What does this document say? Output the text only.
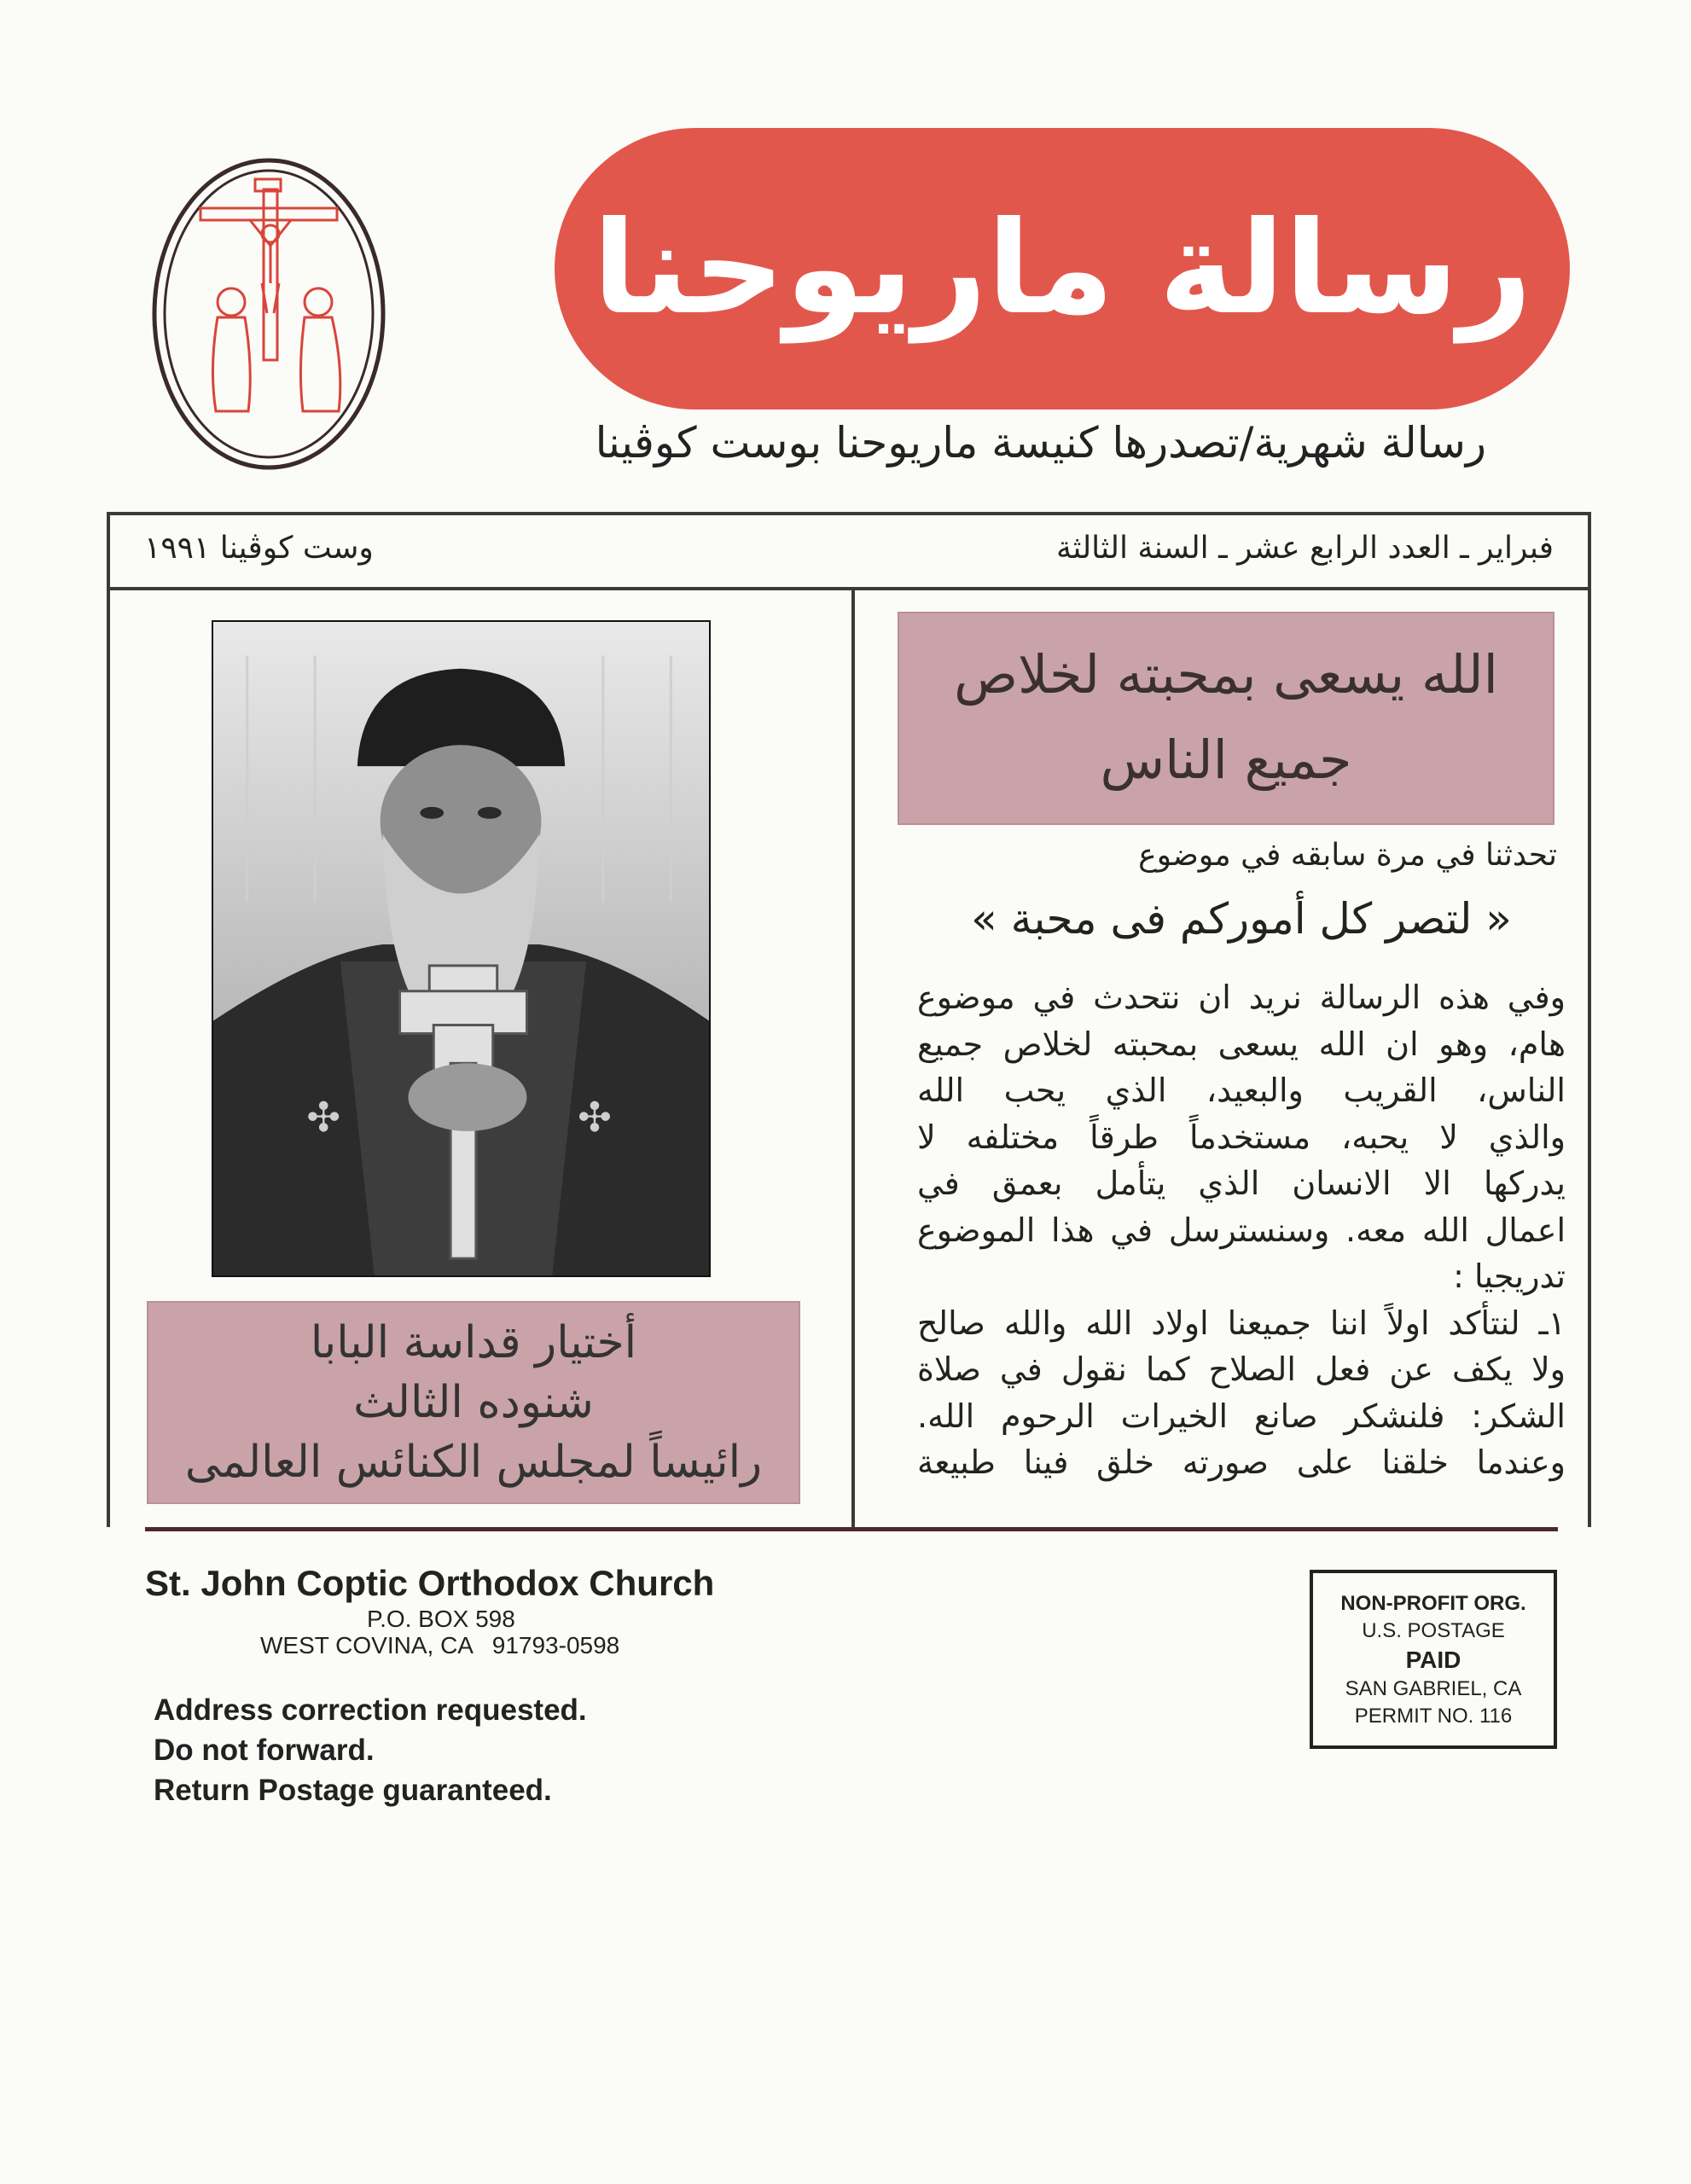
رسالة ماريوحنا
رسالة شهرية/تصدرها كنيسة ماريوحنا بوست كوڤينا
وست كوڤينا ١٩٩١	فبراير ـ العدد الرابع عشر ـ السنة الثالثة
✣	✣
أختيار قداسة البابا
شنوده الثالث
رائيساً لمجلس الكنائس العالمى
الله يسعى بمحبته لخلاص
جميع الناس
تحدثنا في مرة سابقه في موضوع
« لتصر كل أموركم فى محبة »
وفي هذه الرسالة نريد ان نتحدث في موضوع
هام، وهو ان الله يسعى بمحبته لخلاص جميع
الناس، القريب والبعيد، الذي يحب الله
والذي لا يحبه، مستخدماً طرقاً مختلفه لا
يدركها الا الانسان الذي يتأمل بعمق في
اعمال الله معه. وسنسترسل في هذا الموضوع
تدريجيا :
١ـ لنتأكد اولاً اننا جميعنا اولاد الله والله صالح
ولا يكف عن فعل الصلاح كما نقول في صلاة
الشكر: فلنشكر صانع الخيرات الرحوم الله.
وعندما خلقنا على صورته خلق فينا طبيعة
St. John Coptic Orthodox Church
P.O. BOX 598
WEST COVINA, CA   91793-0598
Address correction requested.
Do not forward.
Return Postage guaranteed.
NON-PROFIT ORG.
U.S. POSTAGE
PAID
SAN GABRIEL, CA
PERMIT NO. 116
